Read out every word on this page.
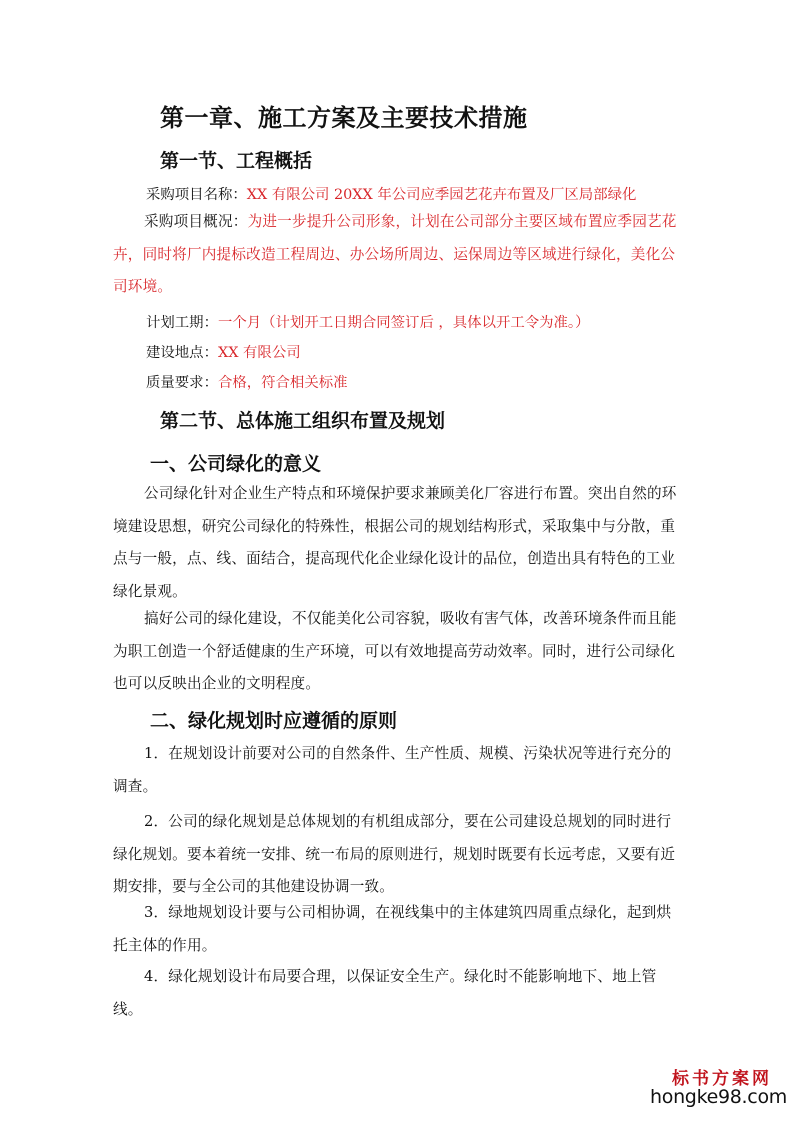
第一章、施工方案及主要技术措施
第一节、工程概括
采购项目名称：XX 有限公司 20XX 年公司应季园艺花卉布置及厂区局部绿化
采购项目概况：为进一步提升公司形象，计划在公司部分主要区域布置应季园艺花卉，同时将厂内提标改造工程周边、办公场所周边、运保周边等区域进行绿化，美化公司环境。
计划工期：一个月（计划开工日期合同签订后 ，具体以开工令为准。）
建设地点：XX 有限公司
质量要求：合格，符合相关标准
第二节、总体施工组织布置及规划
一、公司绿化的意义
公司绿化针对企业生产特点和环境保护要求兼顾美化厂容进行布置。突出自然的环境建设思想，研究公司绿化的特殊性，根据公司的规划结构形式，采取集中与分散，重点与一般，点、线、面结合，提高现代化企业绿化设计的品位，创造出具有特色的工业绿化景观。
搞好公司的绿化建设，不仅能美化公司容貌，吸收有害气体，改善环境条件而且能为职工创造一个舒适健康的生产环境，可以有效地提高劳动效率。同时，进行公司绿化也可以反映出企业的文明程度。
二、绿化规划时应遵循的原则
1．在规划设计前要对公司的自然条件、生产性质、规模、污染状况等进行充分的调查。
2．公司的绿化规划是总体规划的有机组成部分，要在公司建设总规划的同时进行绿化规划。要本着统一安排、统一布局的原则进行，规划时既要有长远考虑，又要有近期安排，要与全公司的其他建设协调一致。
3．绿地规划设计要与公司相协调，在视线集中的主体建筑四周重点绿化，起到烘托主体的作用。
4．绿化规划设计布局要合理，以保证安全生产。绿化时不能影响地下、地上管线。
标书方案网
hongke98.com
